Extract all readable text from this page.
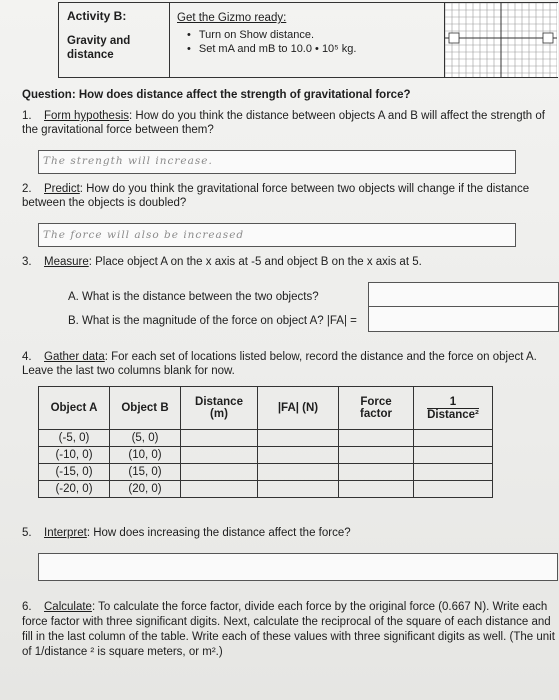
Activity B:
Gravity and distance
Get the Gizmo ready:
• Turn on Show distance.
• Set mA and mB to 10.0 • 10⁵ kg.
Question: How does distance affect the strength of gravitational force?
1. Form hypothesis: How do you think the distance between objects A and B will affect the strength of the gravitational force between them?
The strength will increase.
2. Predict: How do you think the gravitational force between two objects will change if the distance between the objects is doubled?
The force will also be increased
3. Measure: Place object A on the x axis at -5 and object B on the x axis at 5.
A. What is the distance between the two objects?
B. What is the magnitude of the force on object A? |FA| =
4. Gather data: For each set of locations listed below, record the distance and the force on object A. Leave the last two columns blank for now.
Object A	Object B	Distance (m)	|FA| (N)	Force factor	$\frac{1}{\text{Distance²}}$

(-5, 0)	(5, 0)				
(-10, 0)	(10, 0)				
(-15, 0)	(15, 0)				
(-20, 0)	(20, 0)				
5. Interpret: How does increasing the distance affect the force?
6. Calculate: To calculate the force factor, divide each force by the original force (0.667 N). Write each force factor with three significant digits. Next, calculate the reciprocal of the square of each distance and fill in the last column of the table. Write each of these values with three significant digits as well. (The unit of 1/distance ² is square meters, or m².)
